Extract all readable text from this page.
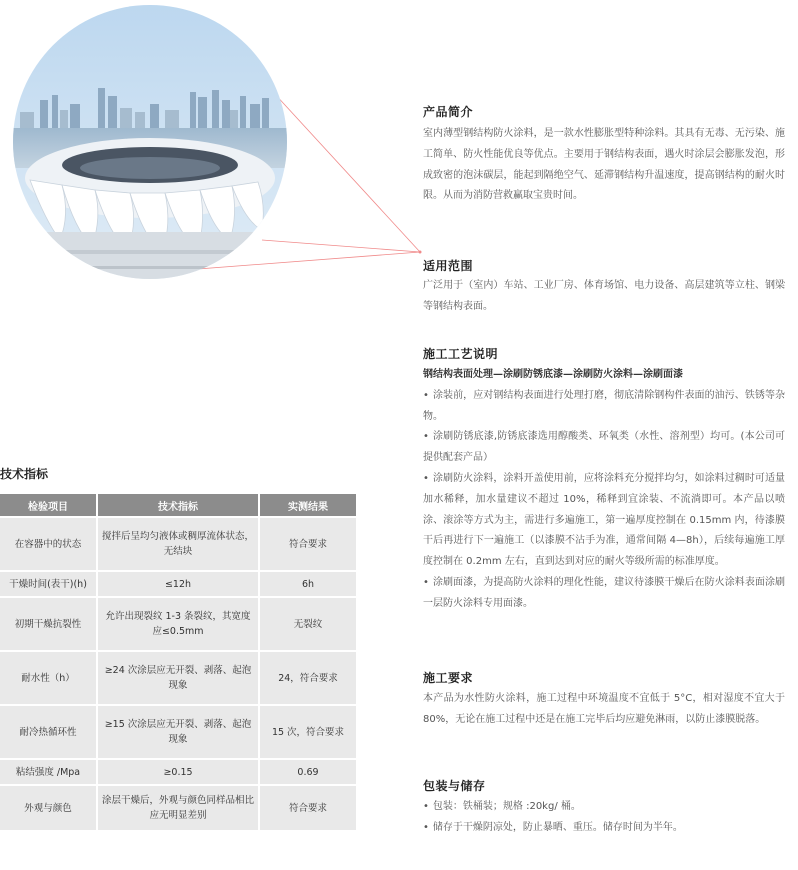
产品简介
室内薄型钢结构防火涂料，是一款水性膨胀型特种涂料。其具有无毒、无污染、施工简单、防火性能优良等优点。主要用于钢结构表面，遇火时涂层会膨胀发泡，形成致密的泡沫碳层，能起到隔绝空气、延滞钢结构升温速度，提高钢结构的耐火时限。从而为消防营救赢取宝贵时间。
适用范围
广泛用于（室内）车站、工业厂房、体育场馆、电力设备、高层建筑等立柱、钢梁等钢结构表面。
施工工艺说明

钢结构表面处理—涂刷防锈底漆—涂刷防火涂料—涂刷面漆

• 涂装前，应对钢结构表面进行处理打磨，彻底清除钢构件表面的油污、铁锈等杂物。

• 涂刷防锈底漆,防锈底漆选用醇酸类、环氧类（水性、溶剂型）均可。(本公司可提供配套产品）

• 涂刷防火涂料，涂料开盖使用前，应将涂料充分搅拌均匀，如涂料过稠时可适量加水稀释，加水量建议不超过 10%，稀释到宜涂装、不流淌即可。本产品以喷涂、滚涂等方式为主，需进行多遍施工，第一遍厚度控制在 0.15mm 内，待漆膜干后再进行下一遍施工（以漆膜不沾手为准，通常间隔 4—8h），后续每遍施工厚度控制在 0.2mm 左右，直到达到对应的耐火等级所需的标准厚度。

• 涂刷面漆，为提高防火涂料的理化性能，建议待漆膜干燥后在防火涂料表面涂刷一层防火涂料专用面漆。

施工要求
本产品为水性防火涂料，施工过程中环境温度不宜低于 5°C，相对湿度不宜大于 80%，无论在施工过程中还是在施工完毕后均应避免淋雨，以防止漆膜脱落。
包装与储存

• 包装：铁桶装；规格 :20kg/ 桶。

• 储存于干燥阴凉处，防止暴晒、重压。储存时间为半年。

技术指标
检验项目	技术指标	实测结果
在容器中的状态	搅拌后呈均匀液体或稠厚流体状态，无结块	符合要求
干燥时间(表干)(h)	≤12h	6h
初期干燥抗裂性	允许出现裂纹 1-3 条裂纹，其宽度应≤0.5mm	无裂纹
耐水性（h）	≥24 次涂层应无开裂、剥落、起泡现象	24，符合要求
耐冷热循环性	≥15 次涂层应无开裂、剥落、起泡现象	15 次，符合要求
粘结强度 /Mpa	≥0.15	0.69
外观与颜色	涂层干燥后，外观与颜色同样品相比应无明显差别	符合要求
